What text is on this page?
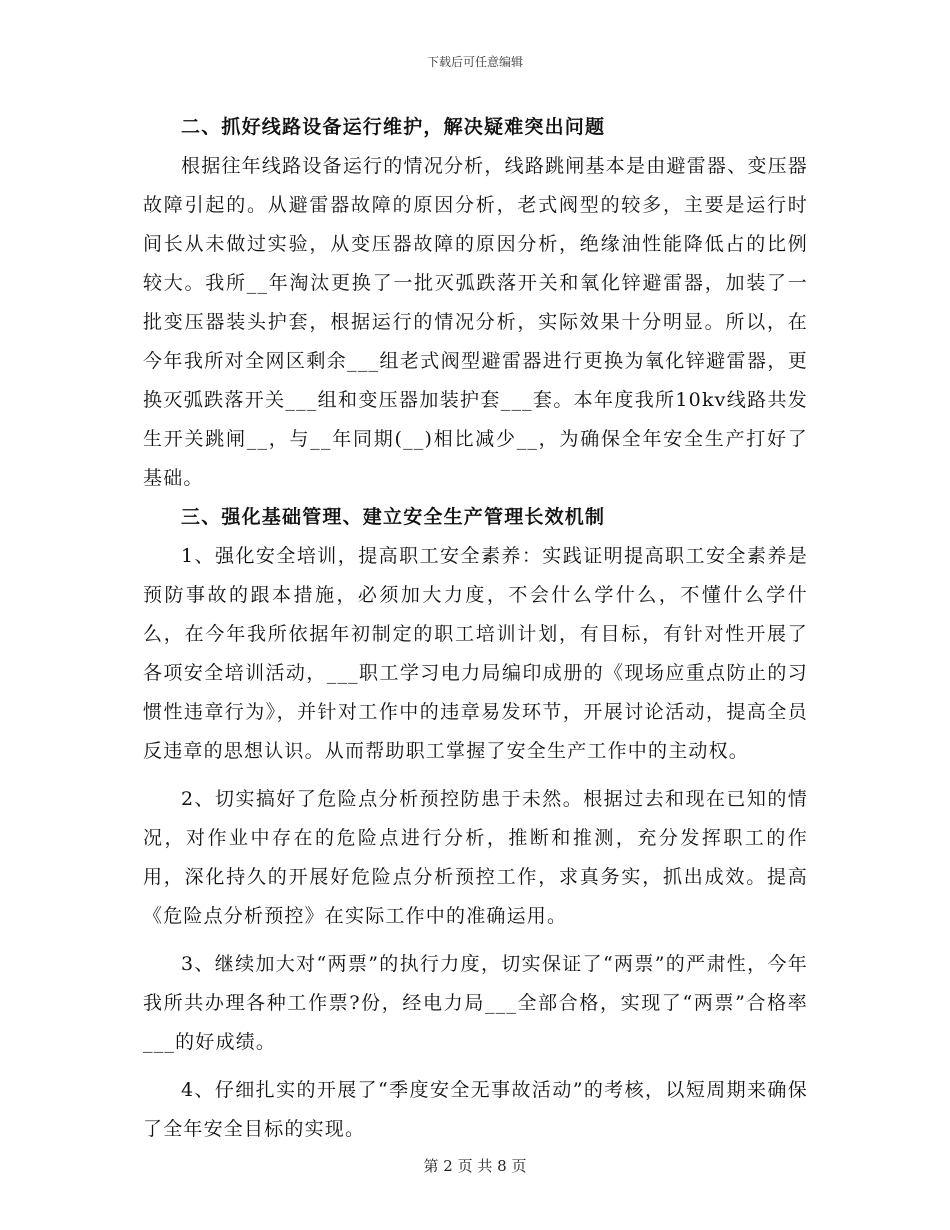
下载后可任意编辑
二、抓好线路设备运行维护，解决疑难突出问题

根据往年线路设备运行的情况分析，线路跳闸基本是由避雷器、变压器故障引起的。从避雷器故障的原因分析，老式阀型的较多，主要是运行时间长从未做过实验，从变压器故障的原因分析，绝缘油性能降低占的比例较大。我所__年淘汰更换了一批灭弧跌落开关和氧化锌避雷器，加装了一批变压器装头护套，根据运行的情况分析，实际效果十分明显。所以，在今年我所对全网区剩余___组老式阀型避雷器进行更换为氧化锌避雷器，更换灭弧跌落开关___组和变压器加装护套___套。本年度我所10kv线路共发生开关跳闸__，与__年同期(__)相比减少__，为确保全年安全生产打好了基础。

三、强化基础管理、建立安全生产管理长效机制

1、强化安全培训，提高职工安全素养：实践证明提高职工安全素养是预防事故的跟本措施，必须加大力度，不会什么学什么，不懂什么学什么，在今年我所依据年初制定的职工培训计划，有目标，有针对性开展了各项安全培训活动，___职工学习电力局编印成册的《现场应重点防止的习惯性违章行为》，并针对工作中的违章易发环节，开展讨论活动，提高全员反违章的思想认识。从而帮助职工掌握了安全生产工作中的主动权。

2、切实搞好了危险点分析预控防患于未然。根据过去和现在已知的情况，对作业中存在的危险点进行分析，推断和推测，充分发挥职工的作用，深化持久的开展好危险点分析预控工作，求真务实，抓出成效。提高《危险点分析预控》在实际工作中的准确运用。

3、继续加大对“两票”的执行力度，切实保证了“两票”的严肃性，今年我所共办理各种工作票?份，经电力局___全部合格，实现了“两票”合格率___的好成绩。

4、仔细扎实的开展了“季度安全无事故活动”的考核，以短周期来确保了全年安全目标的实现。

第 2 页 共 8 页
